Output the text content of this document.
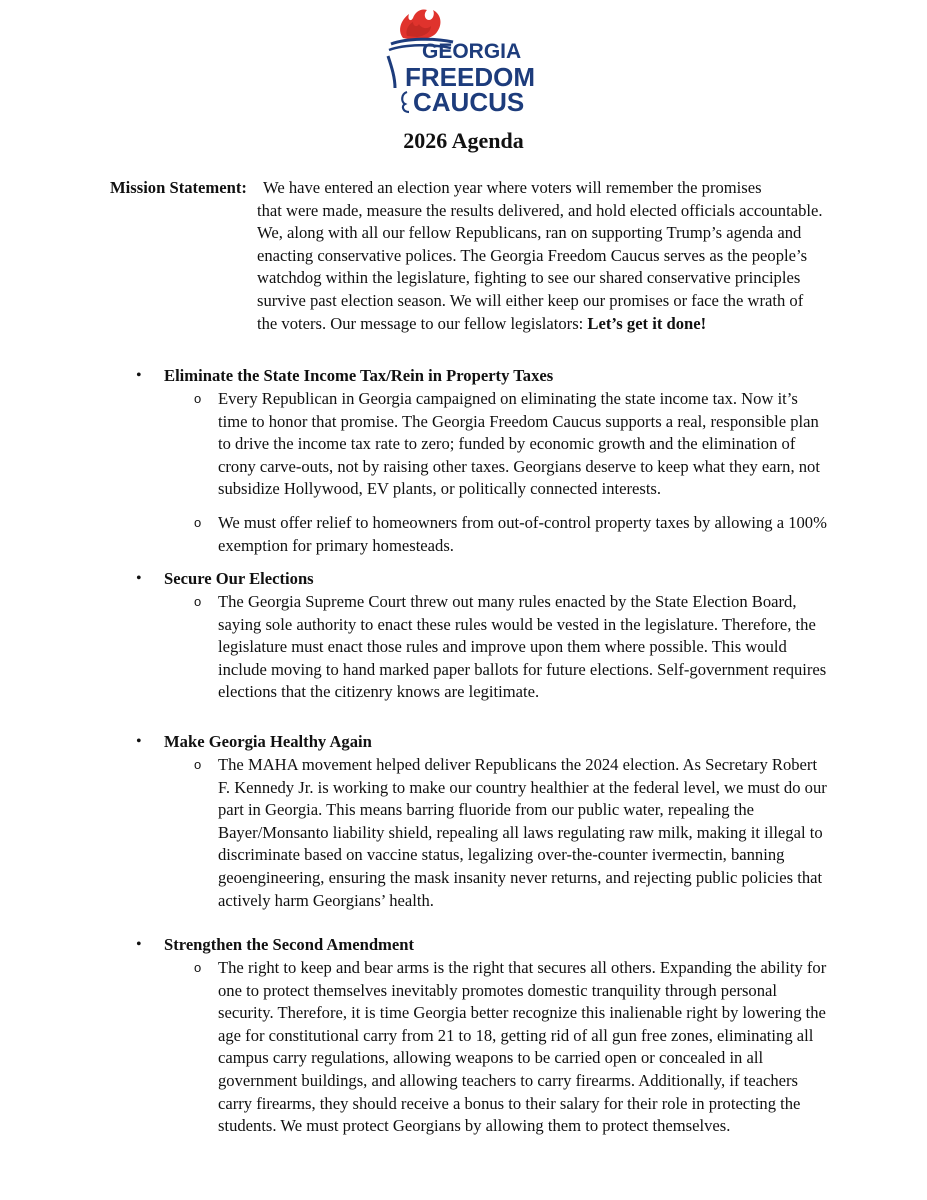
GEORGIA
FREEDOM
CAUCUS
2026 Agenda
Mission Statement: We have entered an election year where voters will remember the promises
that were made, measure the results delivered, and hold elected officials accountable. We, along with all our fellow Republicans, ran on supporting Trump’s agenda and enacting conservative polices. The Georgia Freedom Caucus serves as the people’s watchdog within the legislature, fighting to see our shared conservative principles survive past election season. We will either keep our promises or face the wrath of the voters. Our message to our fellow legislators: Let’s get it done!
• Eliminate the State Income Tax/Rein in Property Taxes
o Every Republican in Georgia campaigned on eliminating the state income tax. Now it’s time to honor that promise. The Georgia Freedom Caucus supports a real, responsible plan to drive the income tax rate to zero; funded by economic growth and the elimination of crony carve-outs, not by raising other taxes. Georgians deserve to keep what they earn, not subsidize Hollywood, EV plants, or politically connected interests.
o We must offer relief to homeowners from out-of-control property taxes by allowing a 100% exemption for primary homesteads.
• Secure Our Elections
o The Georgia Supreme Court threw out many rules enacted by the State Election Board, saying sole authority to enact these rules would be vested in the legislature. Therefore, the legislature must enact those rules and improve upon them where possible. This would include moving to hand marked paper ballots for future elections. Self-government requires elections that the citizenry knows are legitimate.
• Make Georgia Healthy Again
o The MAHA movement helped deliver Republicans the 2024 election. As Secretary Robert F. Kennedy Jr. is working to make our country healthier at the federal level, we must do our part in Georgia. This means barring fluoride from our public water, repealing the Bayer/Monsanto liability shield, repealing all laws regulating raw milk, making it illegal to discriminate based on vaccine status, legalizing over-the-counter ivermectin, banning geoengineering, ensuring the mask insanity never returns, and rejecting public policies that actively harm Georgians’ health.
• Strengthen the Second Amendment
o The right to keep and bear arms is the right that secures all others. Expanding the ability for one to protect themselves inevitably promotes domestic tranquility through personal security. Therefore, it is time Georgia better recognize this inalienable right by lowering the age for constitutional carry from 21 to 18, getting rid of all gun free zones, eliminating all campus carry regulations, allowing weapons to be carried open or concealed in all government buildings, and allowing teachers to carry firearms. Additionally, if teachers carry firearms, they should receive a bonus to their salary for their role in protecting the students. We must protect Georgians by allowing them to protect themselves.
